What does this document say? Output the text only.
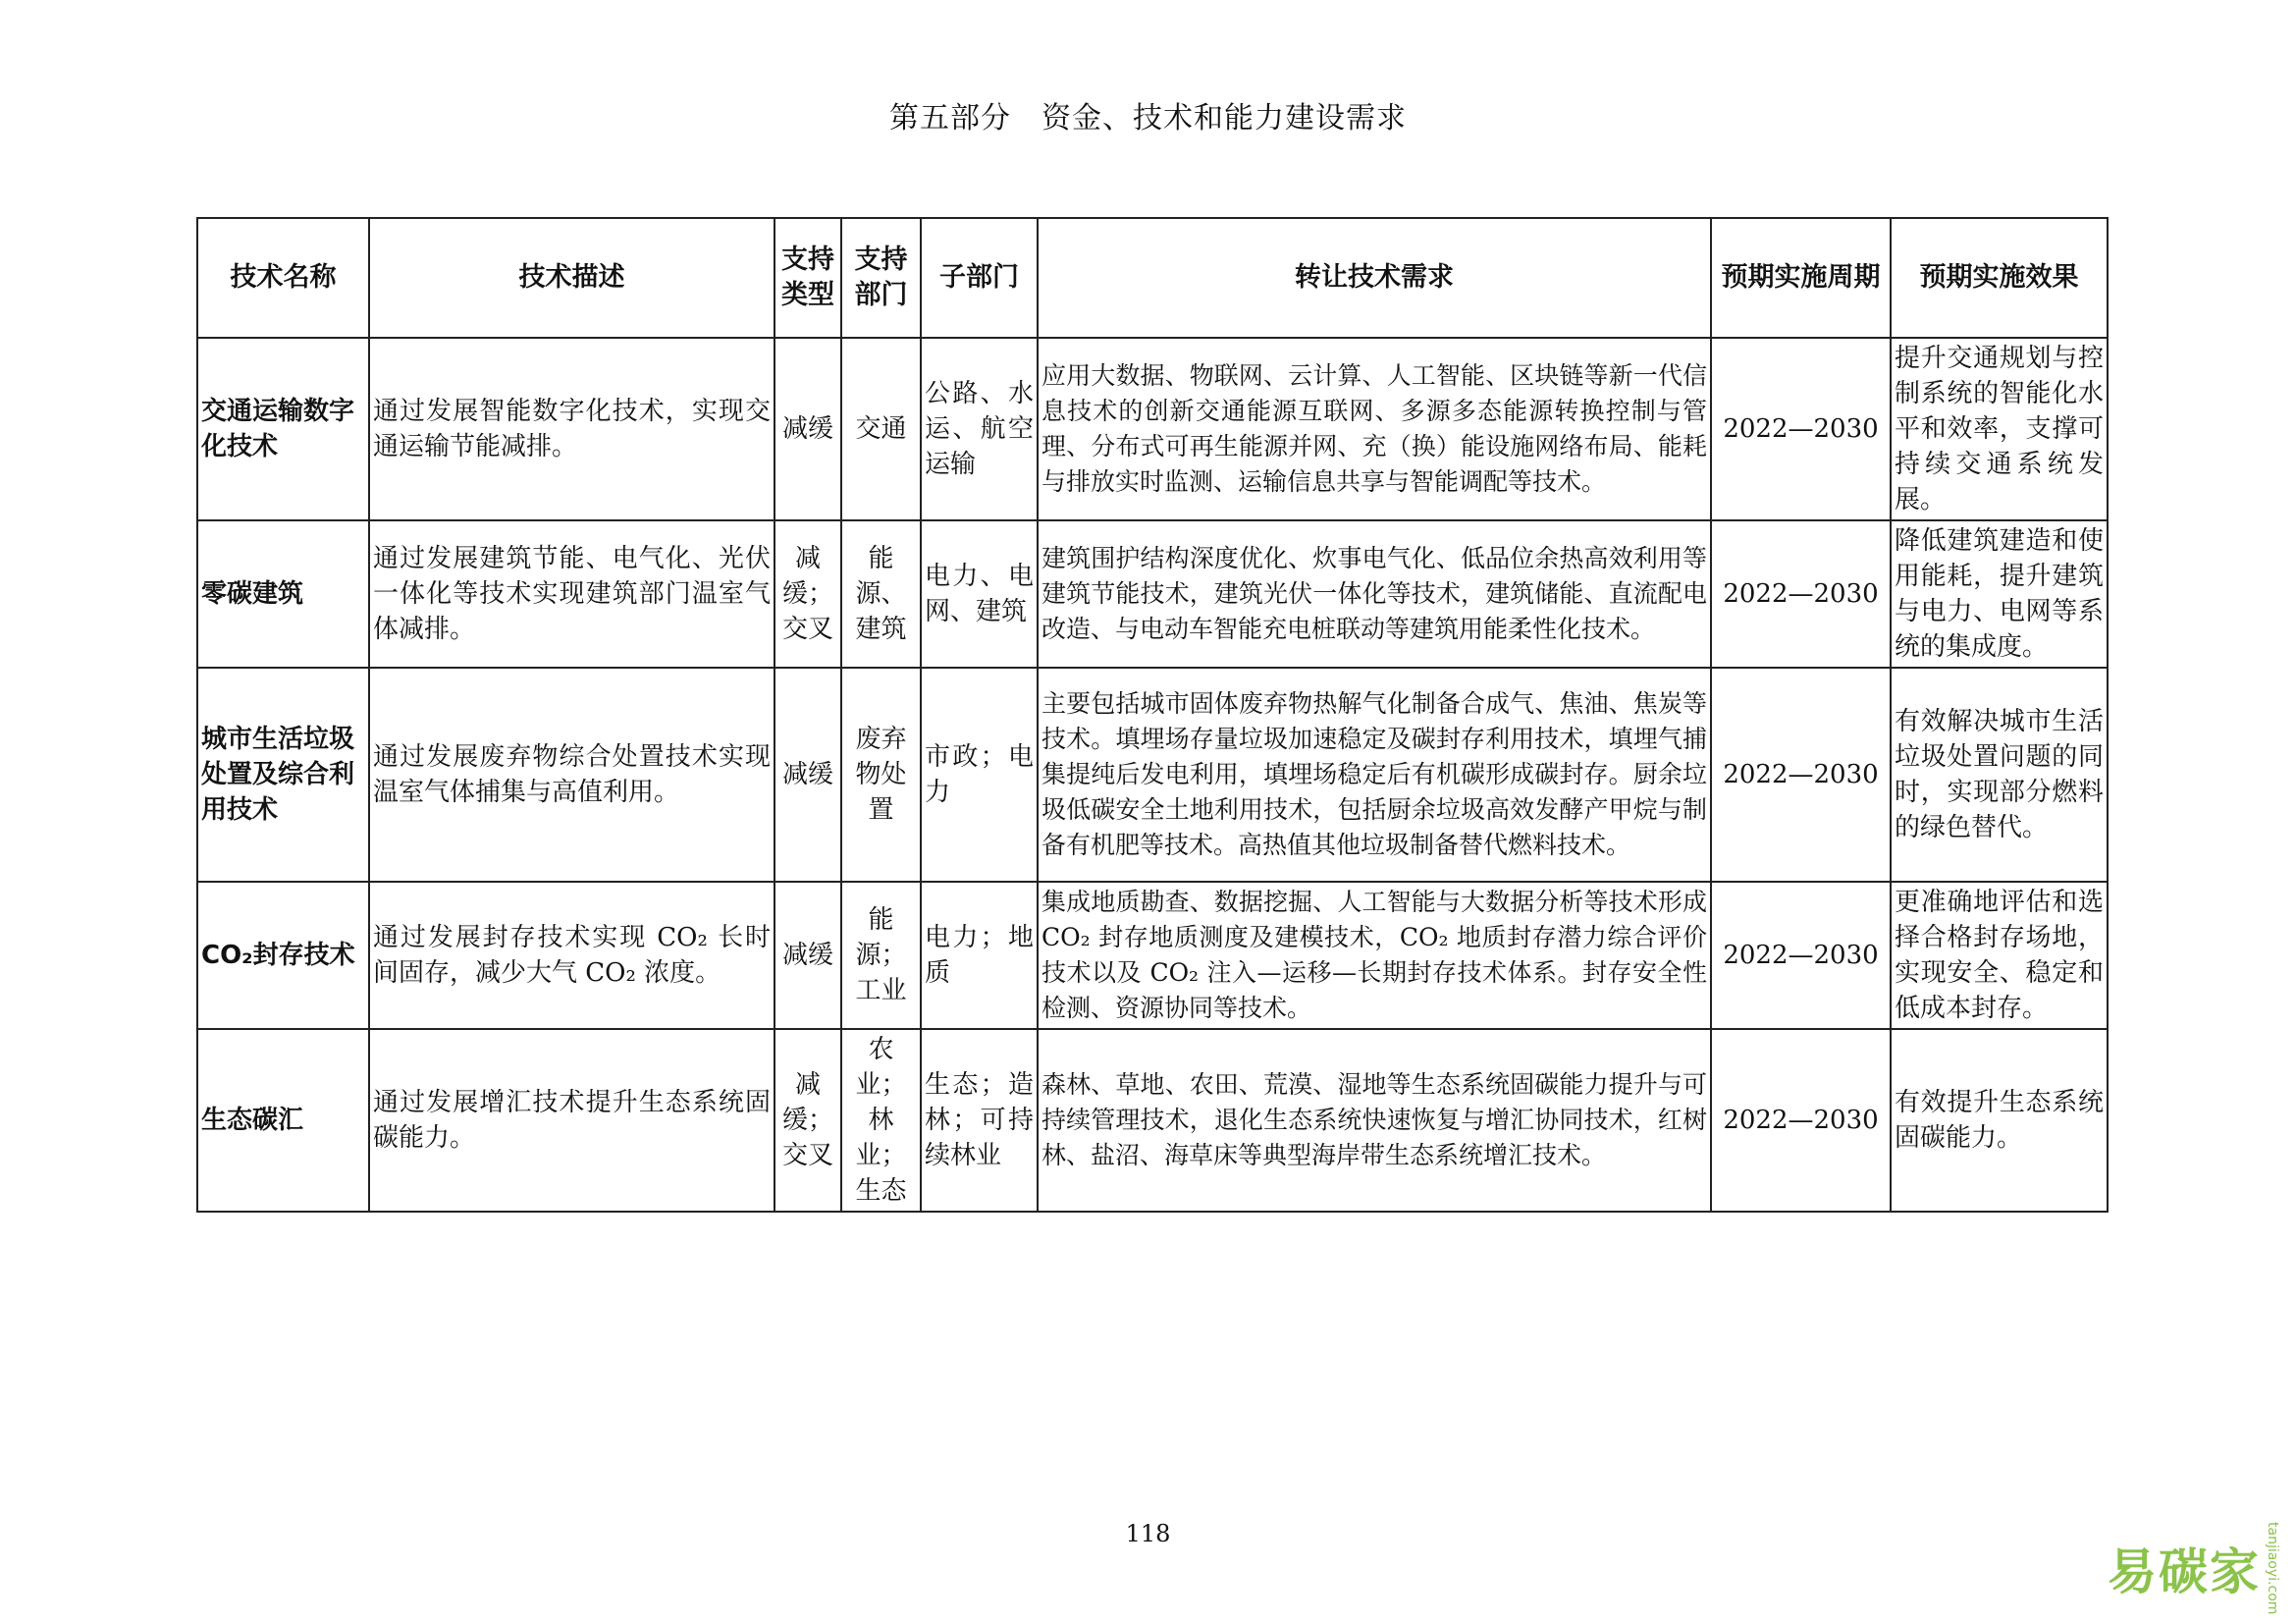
第五部分　资金、技术和能力建设需求
技术名称	技术描述	支持类型	支持部门	子部门	转让技术需求	预期实施周期	预期实施效果
交通运输数字化技术	通过发展智能数字化技术，实现交通运输节能减排。	减缓	交通	公路、水运、航空运输	应用大数据、物联网、云计算、人工智能、区块链等新一代信息技术的创新交通能源互联网、多源多态能源转换控制与管理、分布式可再生能源并网、充（换）能设施网络布局、能耗与排放实时监测、运输信息共享与智能调配等技术。	2022—2030	提升交通规划与控制系统的智能化水平和效率，支撑可持续交通系统发展。
零碳建筑	通过发展建筑节能、电气化、光伏一体化等技术实现建筑部门温室气体减排。	减缓；交叉	能源、建筑	电力、电网、建筑	建筑围护结构深度优化、炊事电气化、低品位余热高效利用等建筑节能技术，建筑光伏一体化等技术，建筑储能、直流配电改造、与电动车智能充电桩联动等建筑用能柔性化技术。	2022—2030	降低建筑建造和使用能耗，提升建筑与电力、电网等系统的集成度。
城市生活垃圾处置及综合利用技术	通过发展废弃物综合处置技术实现温室气体捕集与高值利用。	减缓	废弃物处置	市政；电力	主要包括城市固体废弃物热解气化制备合成气、焦油、焦炭等技术。填埋场存量垃圾加速稳定及碳封存利用技术，填埋气捕集提纯后发电利用，填埋场稳定后有机碳形成碳封存。厨余垃圾低碳安全土地利用技术，包括厨余垃圾高效发酵产甲烷与制备有机肥等技术。高热值其他垃圾制备替代燃料技术。	2022—2030	有效解决城市生活垃圾处置问题的同时，实现部分燃料的绿色替代。
CO₂封存技术	通过发展封存技术实现 CO₂ 长时间固存，减少大气 CO₂ 浓度。	减缓	能源；工业	电力；地质	集成地质勘查、数据挖掘、人工智能与大数据分析等技术形成 CO₂ 封存地质测度及建模技术，CO₂ 地质封存潜力综合评价技术以及 CO₂ 注入—运移—长期封存技术体系。封存安全性检测、资源协同等技术。	2022—2030	更准确地评估和选择合格封存场地，实现安全、稳定和低成本封存。
生态碳汇	通过发展增汇技术提升生态系统固碳能力。	减缓；交叉	农业；林业；生态	生态；造林；可持续林业	森林、草地、农田、荒漠、湿地等生态系统固碳能力提升与可持续管理技术，退化生态系统快速恢复与增汇协同技术，红树林、盐沼、海草床等典型海岸带生态系统增汇技术。	2022—2030	有效提升生态系统固碳能力。
118
易碳家 tanjiaoyi.com
